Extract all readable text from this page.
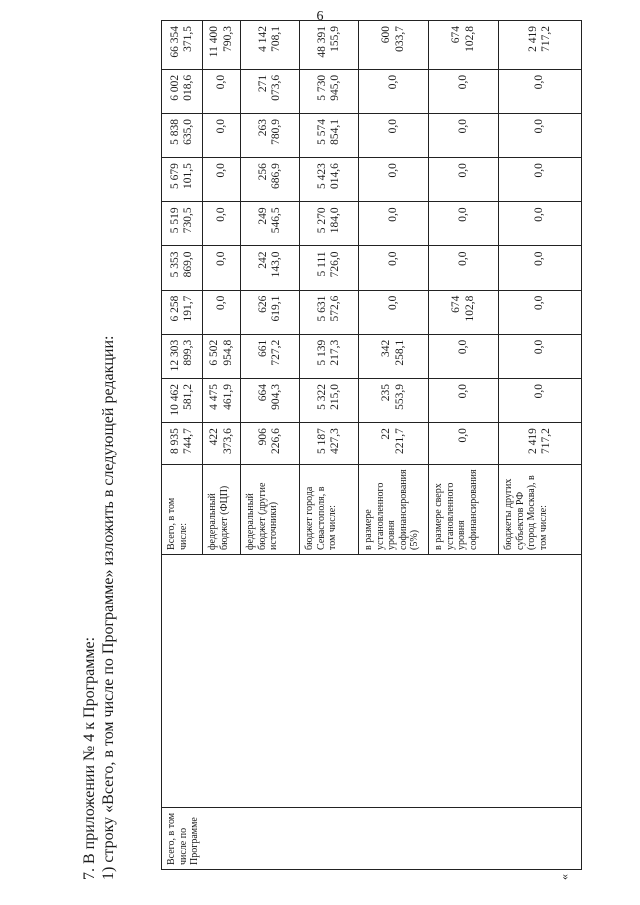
6
7. В приложении № 4 к Программе: 1) строку «Всего, в том числе по Программе» изложить в следующей редакции:	«
Всего, в том числе по Программе		Всего, в том числе:	8 935 744,7	10 462 581,2	12 303 899,3	6 258 191,7	5 353 869,0	5 519 730,5	5 679 101,5	5 838 635,0	6 002 018,6	66 354 371,5
		федеральный бюджет (ФЦП)	422 373,6	4 475 461,9	6 502 954,8	0,0	0,0	0,0	0,0	0,0	0,0	11 400 790,3
		федеральный бюджет (другие источники)	906 226,6	664 904,3	661 727,2	626 619,1	242 143,0	249 546,5	256 686,9	263 780,9	271 073,6	4 142 708,1
		бюджет города Севастополя, в том числе:	5 187 427,3	5 322 215,0	5 139 217,3	5 631 572,6	5 111 726,0	5 270 184,0	5 423 014,6	5 574 854,1	5 730 945,0	48 391 155,9
		в размере установленного уровня софинансирования (5%)	22 221,7	235 553,9	342 258,1	0,0	0,0	0,0	0,0	0,0	0,0	600 033,7
		в размере сверх установленного уровня софинансирования	0,0	0,0	0,0	674 102,8	0,0	0,0	0,0	0,0	0,0	674 102,8
		бюджеты других субъектов РФ (город Москва), в том числе:	2 419 717,2	0,0	0,0	0,0	0,0	0,0	0,0	0,0	0,0	2 419 717,2
